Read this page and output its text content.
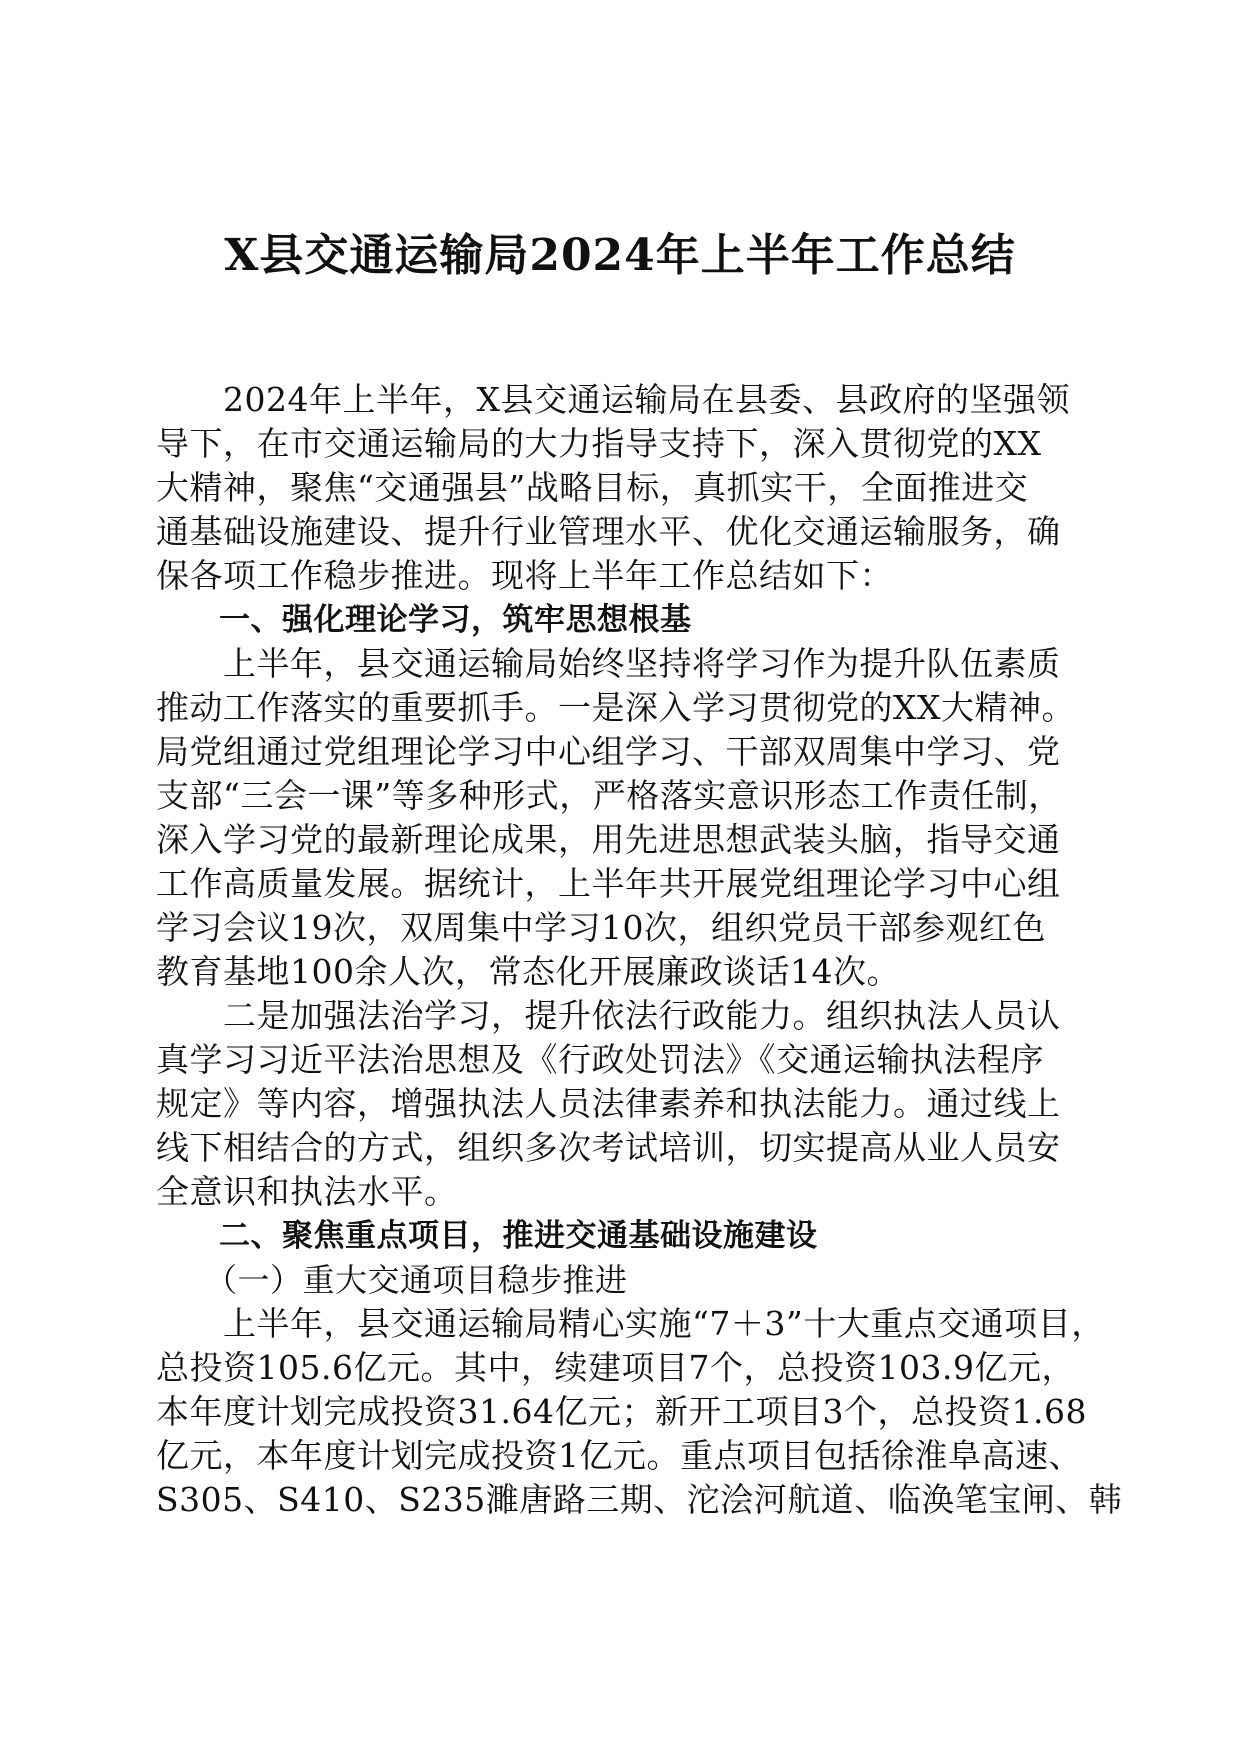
X县交通运输局2024年上半年工作总结
　　2024年上半年，X县交通运输局在县委、县政府的坚强领
导下，在市交通运输局的大力指导支持下，深入贯彻党的XX
大精神，聚焦“交通强县”战略目标，真抓实干，全面推进交
通基础设施建设、提升行业管理水平、优化交通运输服务，确
保各项工作稳步推进。现将上半年工作总结如下：
　　一、强化理论学习，筑牢思想根基
　　上半年，县交通运输局始终坚持将学习作为提升队伍素质
推动工作落实的重要抓手。一是深入学习贯彻党的XX大精神。
局党组通过党组理论学习中心组学习、干部双周集中学习、党
支部“三会一课”等多种形式，严格落实意识形态工作责任制，
深入学习党的最新理论成果，用先进思想武装头脑，指导交通
工作高质量发展。据统计，上半年共开展党组理论学习中心组
学习会议19次，双周集中学习10次，组织党员干部参观红色
教育基地100余人次，常态化开展廉政谈话14次。
　　二是加强法治学习，提升依法行政能力。组织执法人员认
真学习习近平法治思想及《行政处罚法》《交通运输执法程序
规定》等内容，增强执法人员法律素养和执法能力。通过线上
线下相结合的方式，组织多次考试培训，切实提高从业人员安
全意识和执法水平。
　　二、聚焦重点项目，推进交通基础设施建设
　　（一）重大交通项目稳步推进
　　上半年，县交通运输局精心实施“7＋3”十大重点交通项目，
总投资105.6亿元。其中，续建项目7个，总投资103.9亿元，
本年度计划完成投资31.64亿元；新开工项目3个，总投资1.68
亿元，本年度计划完成投资1亿元。重点项目包括徐淮阜高速、
S305、S410、S235濉唐路三期、沱浍河航道、临涣笔宝闸、韩
